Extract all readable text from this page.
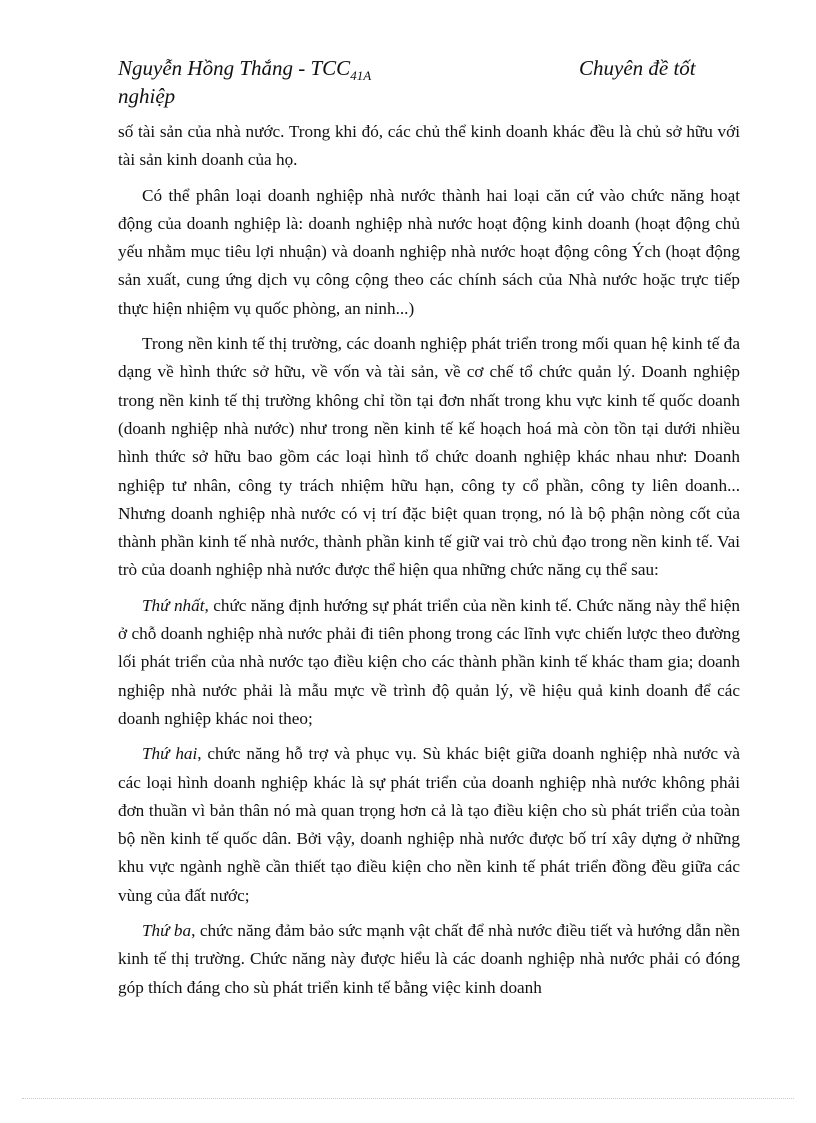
Nguyễn Hồng Thắng - $TCC_{41A}$	Chuyên đề tốt
nghiệp

số tài sản của nhà nước. Trong khi đó, các chủ thể kinh doanh khác đều là chủ sở hữu với tài sản kinh doanh của họ.

Có thể phân loại doanh nghiệp nhà nước thành hai loại căn cứ vào chức năng hoạt động của doanh nghiệp là: doanh nghiệp nhà nước hoạt động kinh doanh (hoạt động chủ yếu nhằm mục tiêu lợi nhuận) và doanh nghiệp nhà nước hoạt động công Ých (hoạt động sản xuất, cung ứng dịch vụ công cộng theo các chính sách của Nhà nước hoặc trực tiếp thực hiện nhiệm vụ quốc phòng, an ninh...)

Trong nền kinh tế thị trường, các doanh nghiệp phát triển trong mối quan hệ kinh tế đa dạng về hình thức sở hữu, về vốn và tài sản, về cơ chế tổ chức quản lý. Doanh nghiệp trong nền kinh tế thị trường không chỉ tồn tại đơn nhất trong khu vực kinh tế quốc doanh (doanh nghiệp nhà nước) như trong nền kinh tế kế hoạch hoá mà còn tồn tại dưới nhiều hình thức sở hữu bao gồm các loại hình tổ chức doanh nghiệp khác nhau như: Doanh nghiệp tư nhân, công ty trách nhiệm hữu hạn, công ty cổ phần, công ty liên doanh... Nhưng doanh nghiệp nhà nước có vị trí đặc biệt quan trọng, nó là bộ phận nòng cốt của thành phần kinh tế nhà nước, thành phần kinh tế giữ vai trò chủ đạo trong nền kinh tế. Vai trò của doanh nghiệp nhà nước được thể hiện qua những chức năng cụ thể sau:

Thứ nhất, chức năng định hướng sự phát triển của nền kinh tế. Chức năng này thể hiện ở chỗ doanh nghiệp nhà nước phải đi tiên phong trong các lĩnh vực chiến lược theo đường lối phát triển của nhà nước tạo điều kiện cho các thành phần kinh tế khác tham gia; doanh nghiệp nhà nước phải là mẫu mực về trình độ quản lý, về hiệu quả kinh doanh để các doanh nghiệp khác noi theo;

Thứ hai, chức năng hỗ trợ và phục vụ. Sù khác biệt giữa doanh nghiệp nhà nước và các loại hình doanh nghiệp khác là sự phát triển của doanh nghiệp nhà nước không phải đơn thuần vì bản thân nó mà quan trọng hơn cả là tạo điều kiện cho sù phát triển của toàn bộ nền kinh tế quốc dân. Bởi vậy, doanh nghiệp nhà nước được bố trí xây dựng ở những khu vực ngành nghề cần thiết tạo điều kiện cho nền kinh tế phát triển đồng đều giữa các vùng của đất nước;

Thứ ba, chức năng đảm bảo sức mạnh vật chất để nhà nước điều tiết và hướng dẫn nền kinh tế thị trường. Chức năng này được hiểu là các doanh nghiệp nhà nước phải có đóng góp thích đáng cho sù phát triển kinh tế bằng việc kinh doanh
